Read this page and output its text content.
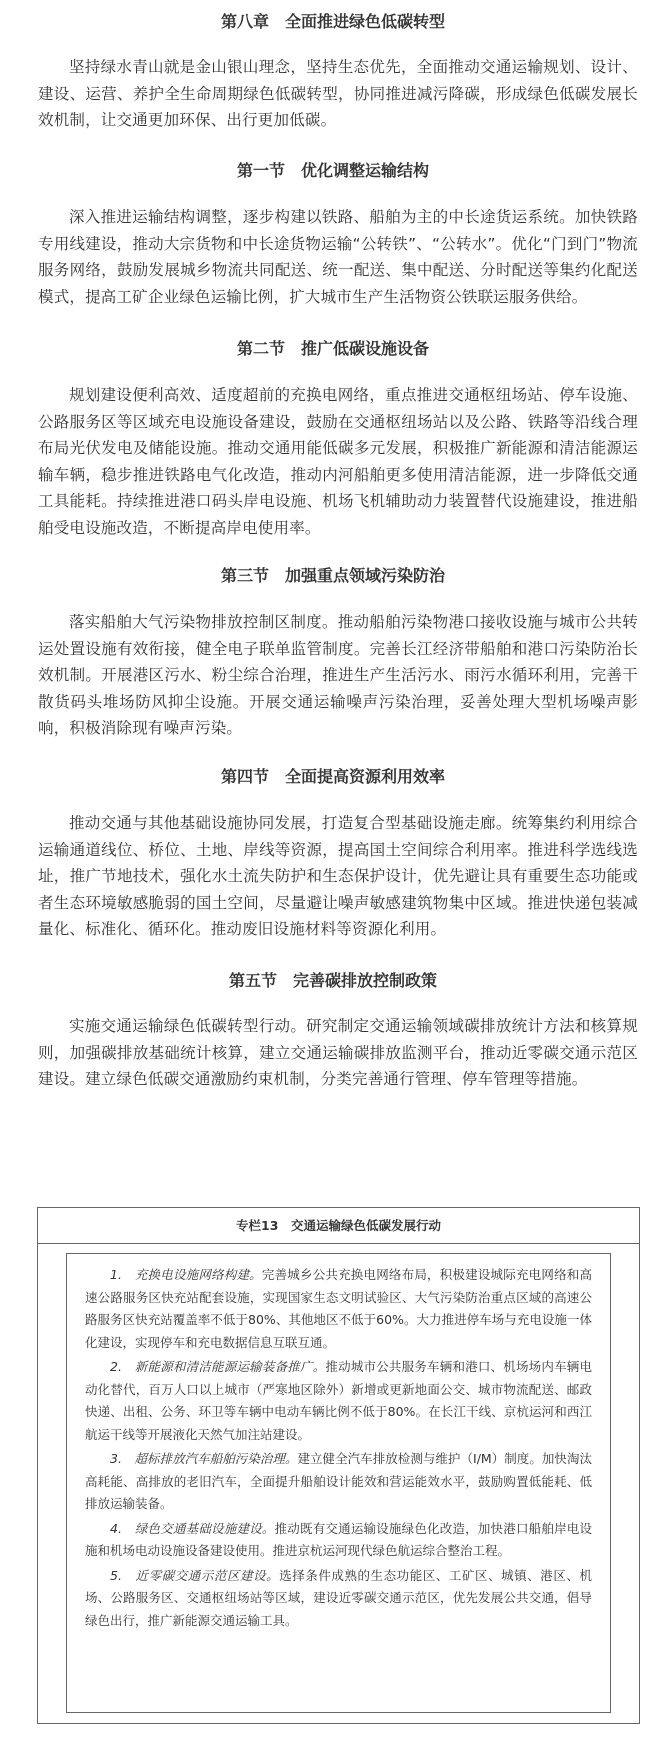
第八章　全面推进绿色低碳转型

坚持绿水青山就是金山银山理念，坚持生态优先，全面推动交通运输规划、设计、建设、运营、养护全生命周期绿色低碳转型，协同推进减污降碳，形成绿色低碳发展长效机制，让交通更加环保、出行更加低碳。

第一节　优化调整运输结构

深入推进运输结构调整，逐步构建以铁路、船舶为主的中长途货运系统。加快铁路专用线建设，推动大宗货物和中长途货物运输“公转铁”、“公转水”。优化“门到门”物流服务网络，鼓励发展城乡物流共同配送、统一配送、集中配送、分时配送等集约化配送模式，提高工矿企业绿色运输比例，扩大城市生产生活物资公铁联运服务供给。

第二节　推广低碳设施设备

规划建设便利高效、适度超前的充换电网络，重点推进交通枢纽场站、停车设施、公路服务区等区域充电设施设备建设，鼓励在交通枢纽场站以及公路、铁路等沿线合理布局光伏发电及储能设施。推动交通用能低碳多元发展，积极推广新能源和清洁能源运输车辆，稳步推进铁路电气化改造，推动内河船舶更多使用清洁能源，进一步降低交通工具能耗。持续推进港口码头岸电设施、机场飞机辅助动力装置替代设施建设，推进船舶受电设施改造，不断提高岸电使用率。

第三节　加强重点领域污染防治

落实船舶大气污染物排放控制区制度。推动船舶污染物港口接收设施与城市公共转运处置设施有效衔接，健全电子联单监管制度。完善长江经济带船舶和港口污染防治长效机制。开展港区污水、粉尘综合治理，推进生产生活污水、雨污水循环利用，完善干散货码头堆场防风抑尘设施。开展交通运输噪声污染治理，妥善处理大型机场噪声影响，积极消除现有噪声污染。

第四节　全面提高资源利用效率

推动交通与其他基础设施协同发展，打造复合型基础设施走廊。统筹集约利用综合运输通道线位、桥位、土地、岸线等资源，提高国土空间综合利用率。推进科学选线选址，推广节地技术，强化水土流失防护和生态保护设计，优先避让具有重要生态功能或者生态环境敏感脆弱的国土空间，尽量避让噪声敏感建筑物集中区域。推进快递包装减量化、标准化、循环化。推动废旧设施材料等资源化利用。

第五节　完善碳排放控制政策

实施交通运输绿色低碳转型行动。研究制定交通运输领域碳排放统计方法和核算规则，加强碳排放基础统计核算，建立交通运输碳排放监测平台，推动近零碳交通示范区建设。建立绿色低碳交通激励约束机制，分类完善通行管理、停车管理等措施。

专栏13　交通运输绿色低碳发展行动

1.　充换电设施网络构建。完善城乡公共充换电网络布局，积极建设城际充电网络和高速公路服务区快充站配套设施，实现国家生态文明试验区、大气污染防治重点区域的高速公路服务区快充站覆盖率不低于80%、其他地区不低于60%。大力推进停车场与充电设施一体化建设，实现停车和充电数据信息互联互通。

2.　新能源和清洁能源运输装备推广。推动城市公共服务车辆和港口、机场场内车辆电动化替代，百万人口以上城市（严寒地区除外）新增或更新地面公交、城市物流配送、邮政快递、出租、公务、环卫等车辆中电动车辆比例不低于80%。在长江干线、京杭运河和西江航运干线等开展液化天然气加注站建设。

3.　超标排放汽车船舶污染治理。建立健全汽车排放检测与维护（I/M）制度。加快淘汰高耗能、高排放的老旧汽车，全面提升船舶设计能效和营运能效水平，鼓励购置低能耗、低排放运输装备。

4.　绿色交通基础设施建设。推动既有交通运输设施绿色化改造，加快港口船舶岸电设施和机场电动设施设备建设使用。推进京杭运河现代绿色航运综合整治工程。

5.　近零碳交通示范区建设。选择条件成熟的生态功能区、工矿区、城镇、港区、机场、公路服务区、交通枢纽场站等区域，建设近零碳交通示范区，优先发展公共交通，倡导绿色出行，推广新能源交通运输工具。
